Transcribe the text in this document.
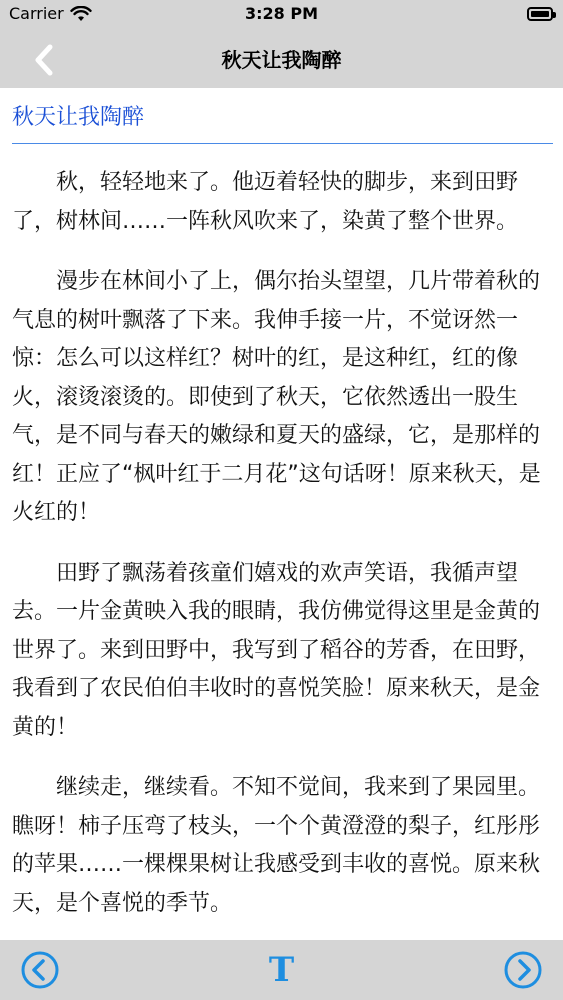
Carrier	3:28 PM
秋天让我陶醉
秋天让我陶醉

秋，轻轻地来了。他迈着轻快的脚步，来到田野了，树林间……一阵秋风吹来了，染黄了整个世界。

漫步在林间小了上，偶尔抬头望望，几片带着秋的气息的树叶飘落了下来。我伸手接一片，不觉讶然一惊：怎么可以这样红？树叶的红，是这种红，红的像火，滚烫滚烫的。即使到了秋天，它依然透出一股生气，是不同与春天的嫩绿和夏天的盛绿，它，是那样的红！正应了“枫叶红于二月花”这句话呀！原来秋天，是火红的！

田野了飘荡着孩童们嬉戏的欢声笑语，我循声望去。一片金黄映入我的眼睛，我仿佛觉得这里是金黄的世界了。来到田野中，我写到了稻谷的芳香，在田野，我看到了农民伯伯丰收时的喜悦笑脸！原来秋天，是金黄的！

继续走，继续看。不知不觉间，我来到了果园里。瞧呀！柿子压弯了枝头，一个个黄澄澄的梨子，红彤彤的苹果……一棵棵果树让我感受到丰收的喜悦。原来秋天，是个喜悦的季节。

T
